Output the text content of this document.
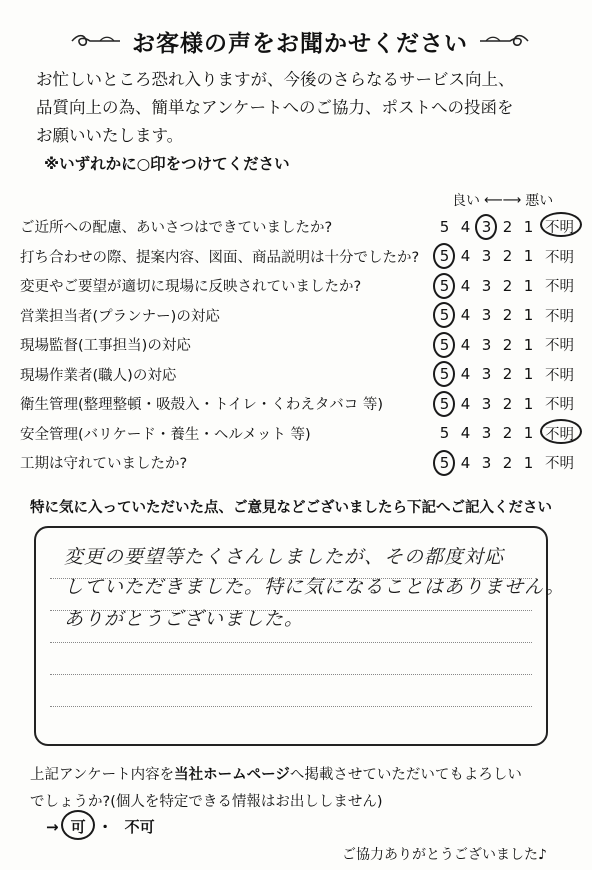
お客様の声をお聞かせください
お忙しいところ恐れ入りますが、今後のさらなるサービス向上、
品質向上の為、簡単なアンケートへのご協力、ポストへの投函を
お願いいたします。
※いずれかに○印をつけてください
良い ⟵⟶ 悪い
ご近所への配慮、あいさつはできていましたか?	5 4 3 2 1 不明
打ち合わせの際、提案内容、図面、商品説明は十分でしたか?	5 4 3 2 1 不明
変更やご要望が適切に現場に反映されていましたか?	5 4 3 2 1 不明
営業担当者(プランナー)の対応	5 4 3 2 1 不明
現場監督(工事担当)の対応	5 4 3 2 1 不明
現場作業者(職人)の対応	5 4 3 2 1 不明
衛生管理(整理整頓・吸殻入・トイレ・くわえタバコ 等)	5 4 3 2 1 不明
安全管理(バリケード・養生・ヘルメット 等)	5 4 3 2 1 不明
工期は守れていましたか?	5 4 3 2 1 不明
特に気に入っていただいた点、ご意見などございましたら下記へご記入ください
変更の要望等たくさんしましたが、その都度対応
していただきました。特に気になることはありません。
ありがとうございました。
上記アンケート内容を当社ホームページへ掲載させていただいてもよろしい
でしょうか?(個人を特定できる情報はお出ししません)
→ 可 ・ 不可
ご協力ありがとうございました♪
